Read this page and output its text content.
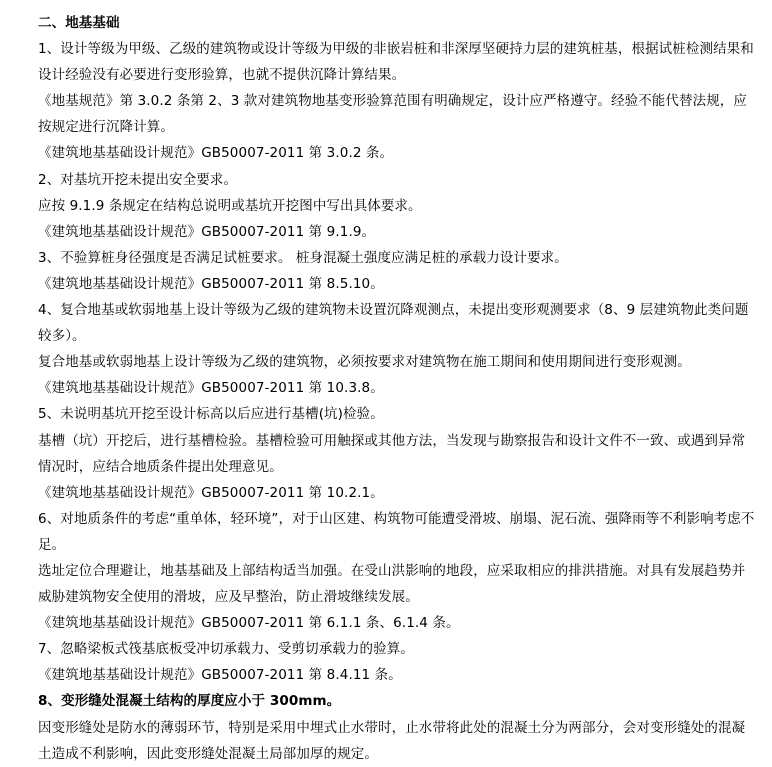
二、地基基础
1、设计等级为甲级、乙级的建筑物或设计等级为甲级的非嵌岩桩和非深厚坚硬持力层的建筑桩基，根据试桩检测结果和设计经验没有必要进行变形验算，也就不提供沉降计算结果。
《地基规范》第 3.0.2 条第 2、3 款对建筑物地基变形验算范围有明确规定，设计应严格遵守。经验不能代替法规，应按规定进行沉降计算。
《建筑地基基础设计规范》GB50007-2011 第 3.0.2 条。
2、对基坑开挖未提出安全要求。
应按 9.1.9 条规定在结构总说明或基坑开挖图中写出具体要求。
《建筑地基基础设计规范》GB50007-2011 第 9.1.9。
3、不验算桩身径强度是否满足试桩要求。 桩身混凝土强度应满足桩的承载力设计要求。
《建筑地基基础设计规范》GB50007-2011 第 8.5.10。
4、复合地基或软弱地基上设计等级为乙级的建筑物未设置沉降观测点，未提出变形观测要求（8、9 层建筑物此类问题较多）。
复合地基或软弱地基上设计等级为乙级的建筑物，必须按要求对建筑物在施工期间和使用期间进行变形观测。
《建筑地基基础设计规范》GB50007-2011 第 10.3.8。
5、未说明基坑开挖至设计标高以后应进行基槽(坑)检验。
基槽（坑）开挖后，进行基槽检验。基槽检验可用触探或其他方法，当发现与勘察报告和设计文件不一致、或遇到异常情况时，应结合地质条件提出处理意见。
《建筑地基基础设计规范》GB50007-2011 第 10.2.1。
6、对地质条件的考虑“重单体，轻环境”，对于山区建、构筑物可能遭受滑坡、崩塌、泥石流、强降雨等不利影响考虑不足。
选址定位合理避让，地基基础及上部结构适当加强。在受山洪影响的地段，应采取相应的排洪措施。对具有发展趋势并威胁建筑物安全使用的滑坡，应及早整治，防止滑坡继续发展。
《建筑地基基础设计规范》GB50007-2011 第 6.1.1 条、6.1.4 条。
7、忽略梁板式筏基底板受冲切承载力、受剪切承载力的验算。
《建筑地基基础设计规范》GB50007-2011 第 8.4.11 条。
8、变形缝处混凝土结构的厚度应小于 300mm。
因变形缝处是防水的薄弱环节，特别是采用中埋式止水带时，止水带将此处的混凝土分为两部分，会对变形缝处的混凝土造成不利影响，因此变形缝处混凝土局部加厚的规定。
